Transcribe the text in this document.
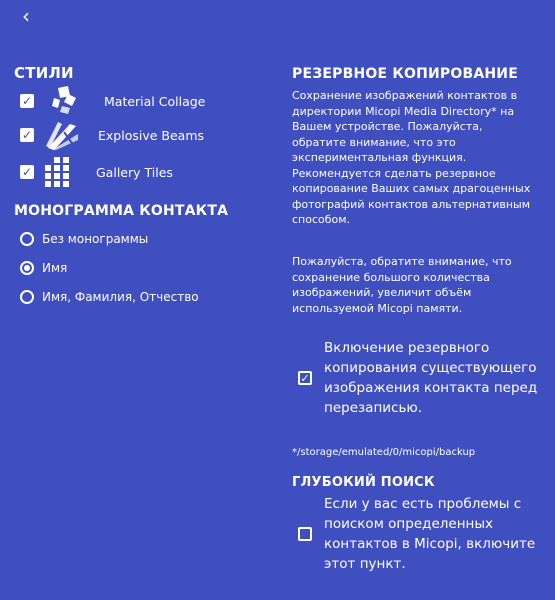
‹
СТИЛИ
✓	Material Collage
✓	Explosive Beams
✓	Gallery Tiles
МОНОГРАММА КОНТАКТА
Без монограммы
Имя
Имя, Фамилия, Отчество
РЕЗЕРВНОЕ КОПИРОВАНИЕ
Сохранение изображений контактов в директории Micopi Media Directory* на Вашем устройстве. Пожалуйста, обратите внимание, что это экспериментальная функция. Рекомендуется сделать резервное копирование Ваших самых драгоценных фотографий контактов альтернативным способом.
Пожалуйста, обратите внимание, что сохранение большого количества изображений, увеличит объём используемой Micopi памяти.
✓
Включение резервного копирования существующего изображения контакта перед перезаписью.
*/storage/emulated/0/micopi/backup
ГЛУБОКИЙ ПОИСК
Если у вас есть проблемы с поиском определенных контактов в Micopi, включите этот пункт.
